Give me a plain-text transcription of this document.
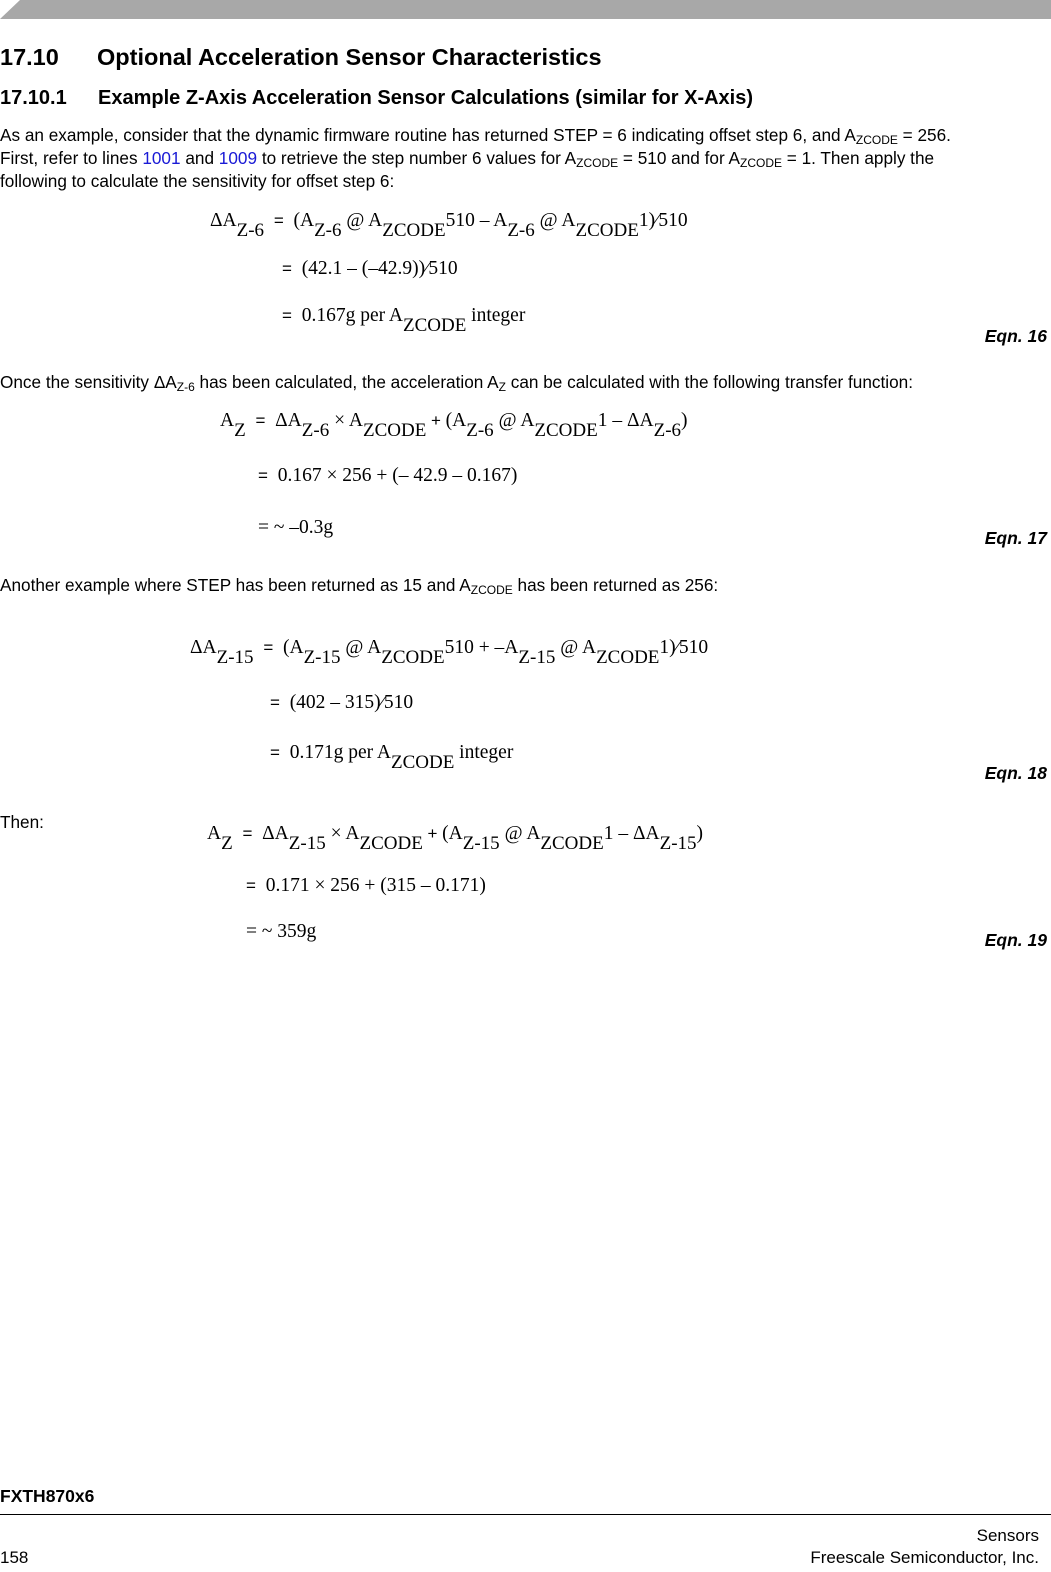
17.10 Optional Acceleration Sensor Characteristics
17.10.1 Example Z-Axis Acceleration Sensor Calculations (similar for X-Axis)
As an example, consider that the dynamic firmware routine has returned STEP = 6 indicating offset step 6, and $A_{ZCODE} = 256$.
First, refer to lines 1001 and 1009 to retrieve the step number 6 values for $A_{ZCODE} = 510$ and for $A_{ZCODE} = 1$. Then apply the
following to calculate the sensitivity for offset step 6:
ΔAZ-6 = (AZ-6 @ AZCODE510 – AZ-6 @ AZCODE1)⁄510
= (42.1 – (–42.9))⁄510
= 0.167g per AZCODE integer
Eqn. 16
Once the sensitivity $\Delta A_{Z-6}$ has been calculated, the acceleration $A_Z$ can be calculated with the following transfer function:
AZ = ΔAZ-6 × AZCODE + (AZ-6 @ AZCODE1 – ΔAZ-6)
= 0.167 × 256 + (– 42.9 – 0.167)
= ~ –0.3g	Eqn. 17
Another example where STEP has been returned as 15 and $A_{ZCODE}$ has been returned as 256:
ΔAZ-15 = (AZ-15 @ AZCODE510 + –AZ-15 @ AZCODE1)⁄510
= (402 – 315)⁄510
= 0.171g per AZCODE integer
Eqn. 18
Then:
AZ = ΔAZ-15 × AZCODE + (AZ-15 @ AZCODE1 – ΔAZ-15)
= 0.171 × 256 + (315 – 0.171)
= ~ 359g	Eqn. 19
FXTH870x6
Sensors
158	Freescale Semiconductor, Inc.
